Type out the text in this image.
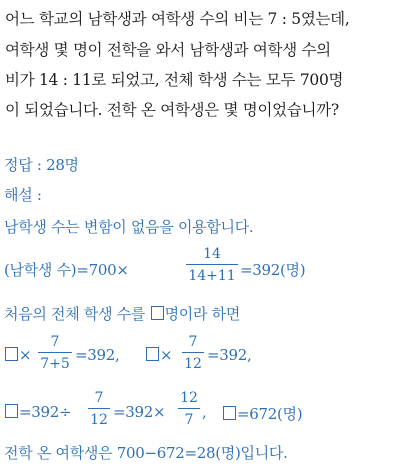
어느 학교의 남학생과 여학생 수의 비는 7 : 5였는데,
여학생 몇 명이 전학을 와서 남학생과 여학생 수의
비가 14 : 11로 되었고, 전체 학생 수는 모두 700명
이 되었습니다. 전학 온 여학생은 몇 명이었습니까?
정답 : 28명
해설 :
남학생 수는 변함이 없음을 이용합니다.
(남학생 수)=700×
14
14+11 =392(명)
처음의 전체 학생 수를 명이라 하면
×
7
7+5 =392,	×
7
12 =392,
=392÷
7
12 =392×
12
7 ,	=672(명)
전학 온 여학생은 700−672=28(명)입니다.
